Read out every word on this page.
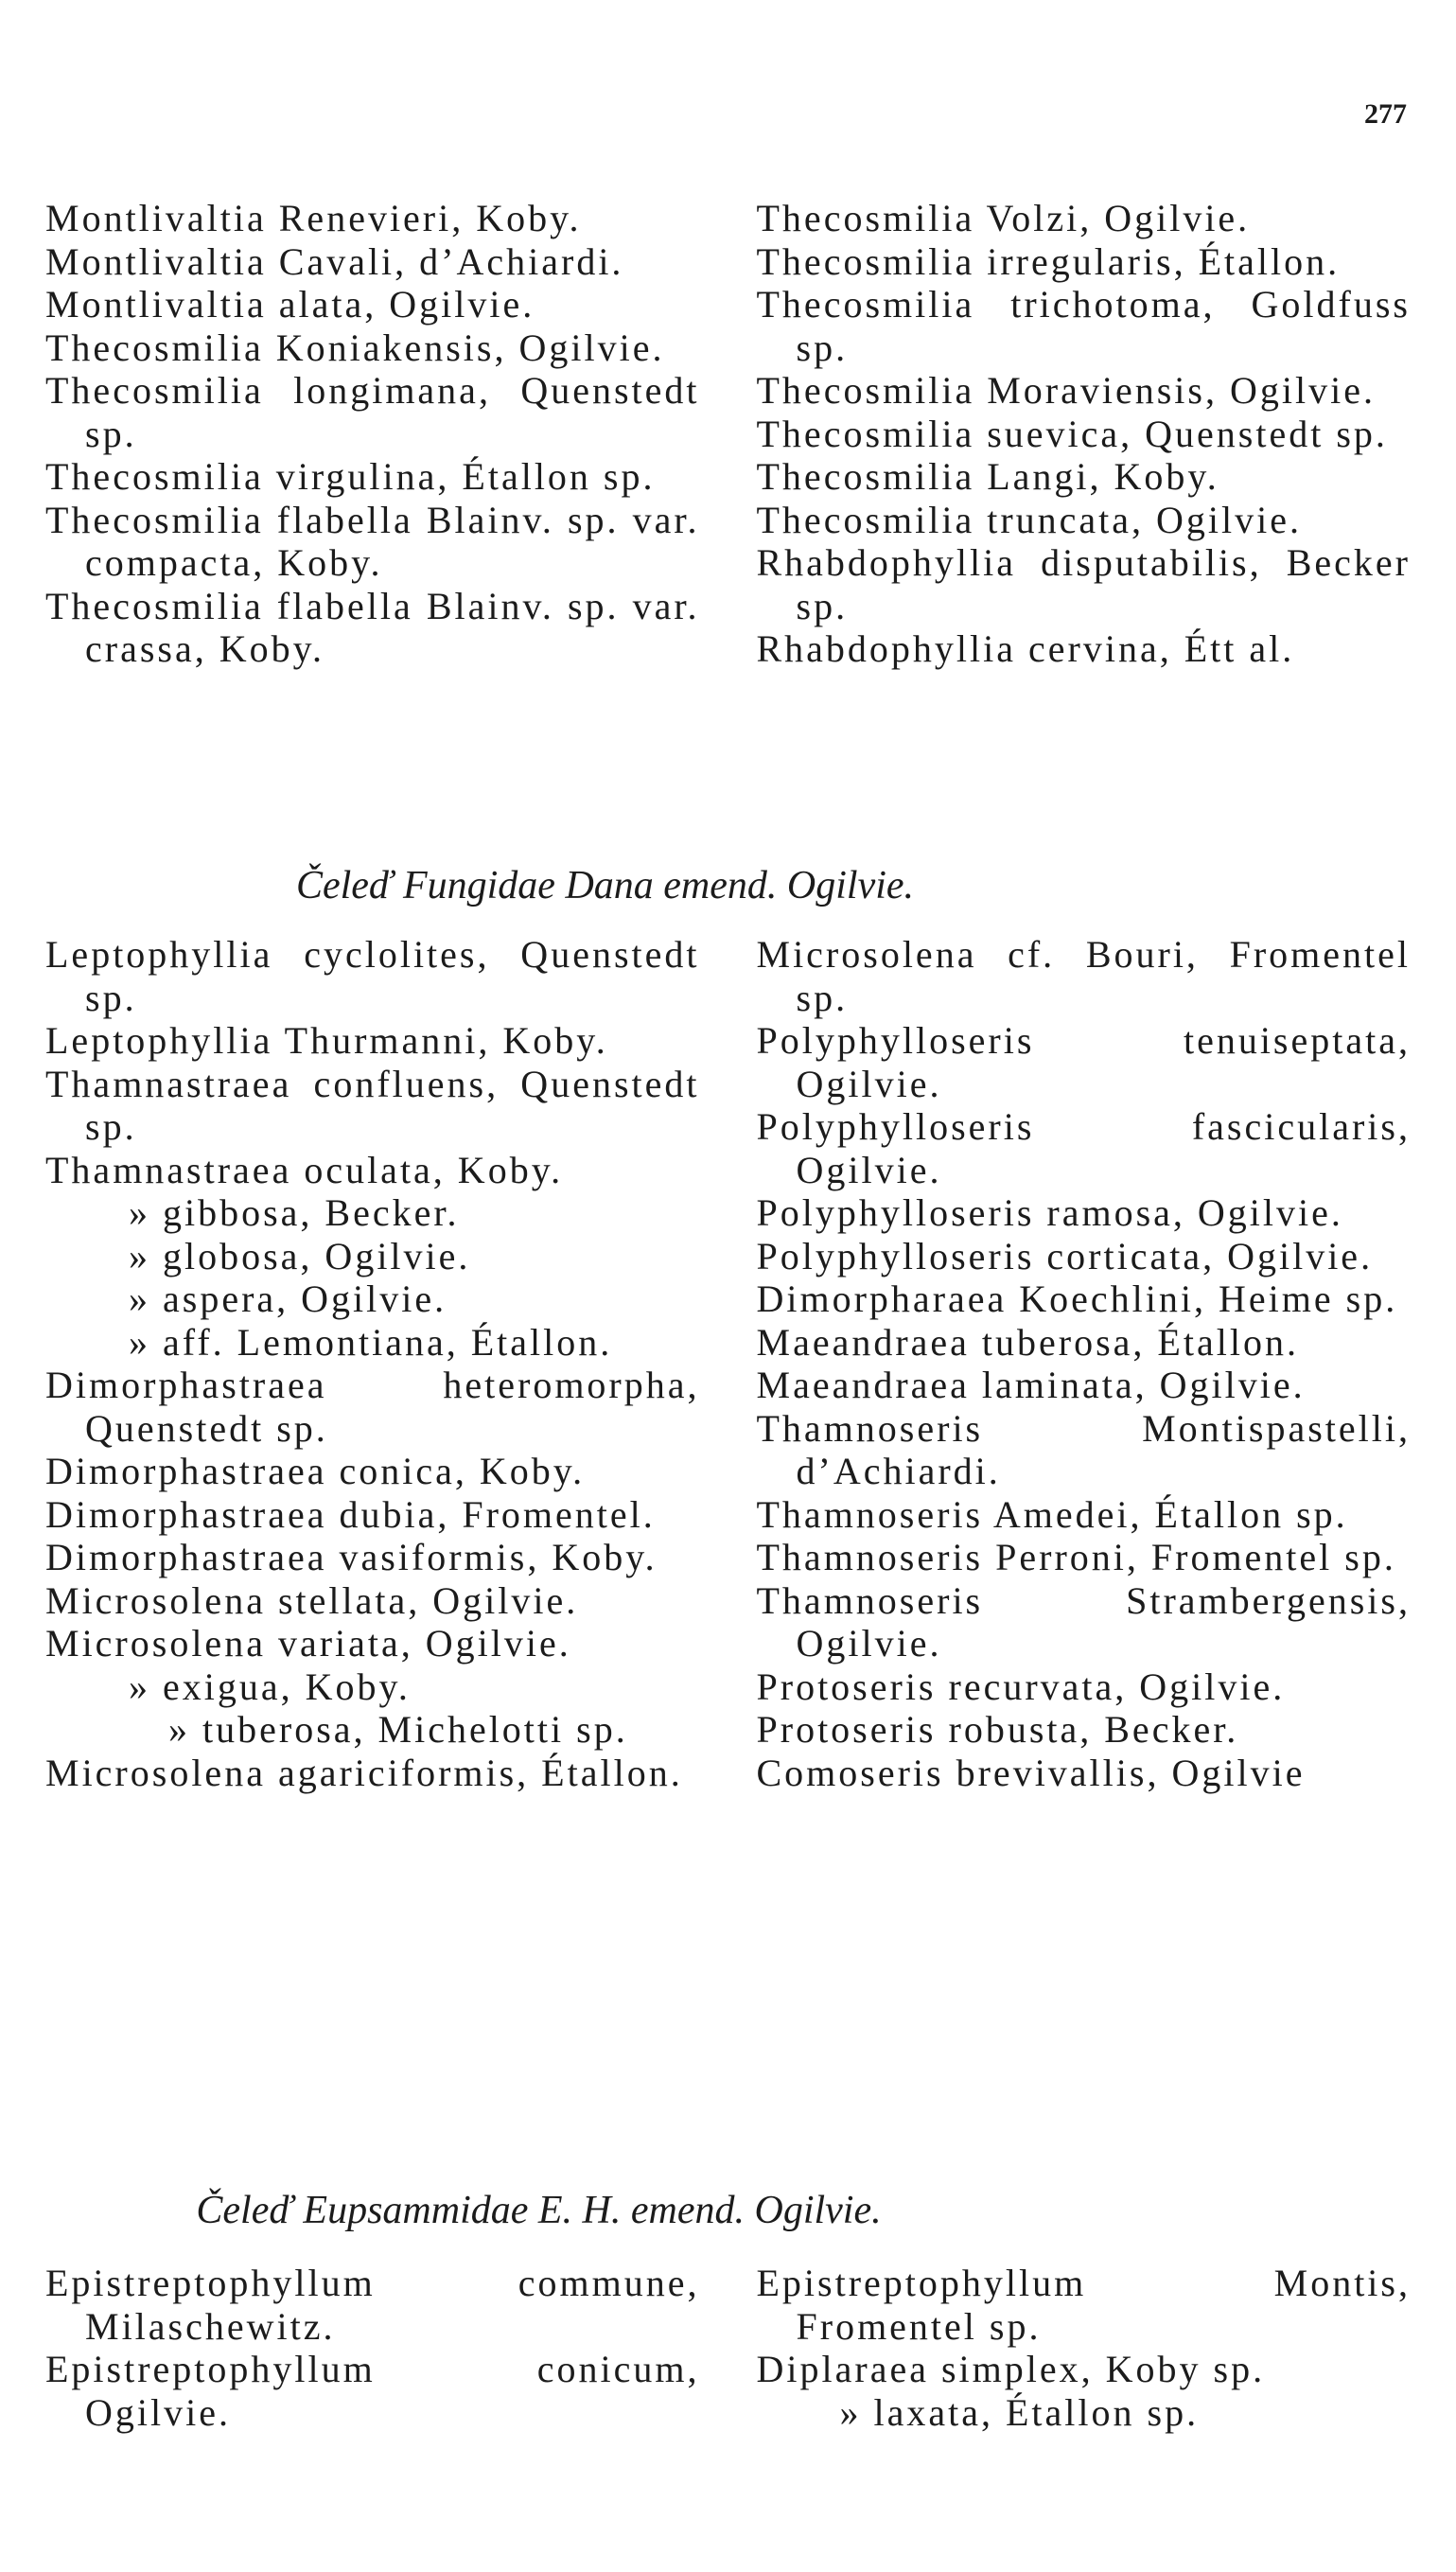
277
Montlivaltia Renevieri, Koby.
Montlivaltia Cavali, d’Achiardi.
Montlivaltia alata, Ogilvie.
Thecosmilia Koniakensis, Ogilvie.
Thecosmilia longimana, Quenstedt sp.
Thecosmilia virgulina, Étallon sp.
Thecosmilia flabella Blainv. sp. var. compacta, Koby.
Thecosmilia flabella Blainv. sp. var. crassa, Koby.
Thecosmilia Volzi, Ogilvie.
Thecosmilia irregularis, Étallon.
Thecosmilia trichotoma, Goldfuss sp.
Thecosmilia Moraviensis, Ogilvie.
Thecosmilia suevica, Quenstedt sp.
Thecosmilia Langi, Koby.
Thecosmilia truncata, Ogilvie.
Rhabdophyllia disputabilis, Becker sp.
Rhabdophyllia cervina, Étt al.
Čeleď Fungidae Dana emend. Ogilvie.
Leptophyllia cyclolites, Quenstedt sp.
Leptophyllia Thurmanni, Koby.
Thamnastraea confluens, Quenstedt sp.
Thamnastraea oculata, Koby.
» gibbosa, Becker.
» globosa, Ogilvie.
» aspera, Ogilvie.
» aff. Lemontiana, Étallon.
Dimorphastraea heteromorpha, Quenstedt sp.
Dimorphastraea conica, Koby.
Dimorphastraea dubia, Fromentel.
Dimorphastraea vasiformis, Koby.
Microsolena stellata, Ogilvie.
Microsolena variata, Ogilvie.
» exigua, Koby.
» tuberosa, Michelotti sp.
Microsolena agariciformis, Étallon.
Microsolena cf. Bouri, Fromentel sp.
Polyphylloseris tenuiseptata, Ogilvie.
Polyphylloseris fascicularis, Ogilvie.
Polyphylloseris ramosa, Ogilvie.
Polyphylloseris corticata, Ogilvie.
Dimorpharaea Koechlini, Heime sp.
Maeandraea tuberosa, Étallon.
Maeandraea laminata, Ogilvie.
Thamnoseris Montispastelli, d’Achiardi.
Thamnoseris Amedei, Étallon sp.
Thamnoseris Perroni, Fromentel sp.
Thamnoseris Strambergensis, Ogilvie.
Protoseris recurvata, Ogilvie.
Protoseris robusta, Becker.
Comoseris brevivallis, Ogilvie
Čeleď Eupsammidae E. H. emend. Ogilvie.
Epistreptophyllum commune, Milaschewitz.
Epistreptophyllum conicum, Ogilvie.
Epistreptophyllum Montis, Fromentel sp.
Diplaraea simplex, Koby sp.
» laxata, Étallon sp.
